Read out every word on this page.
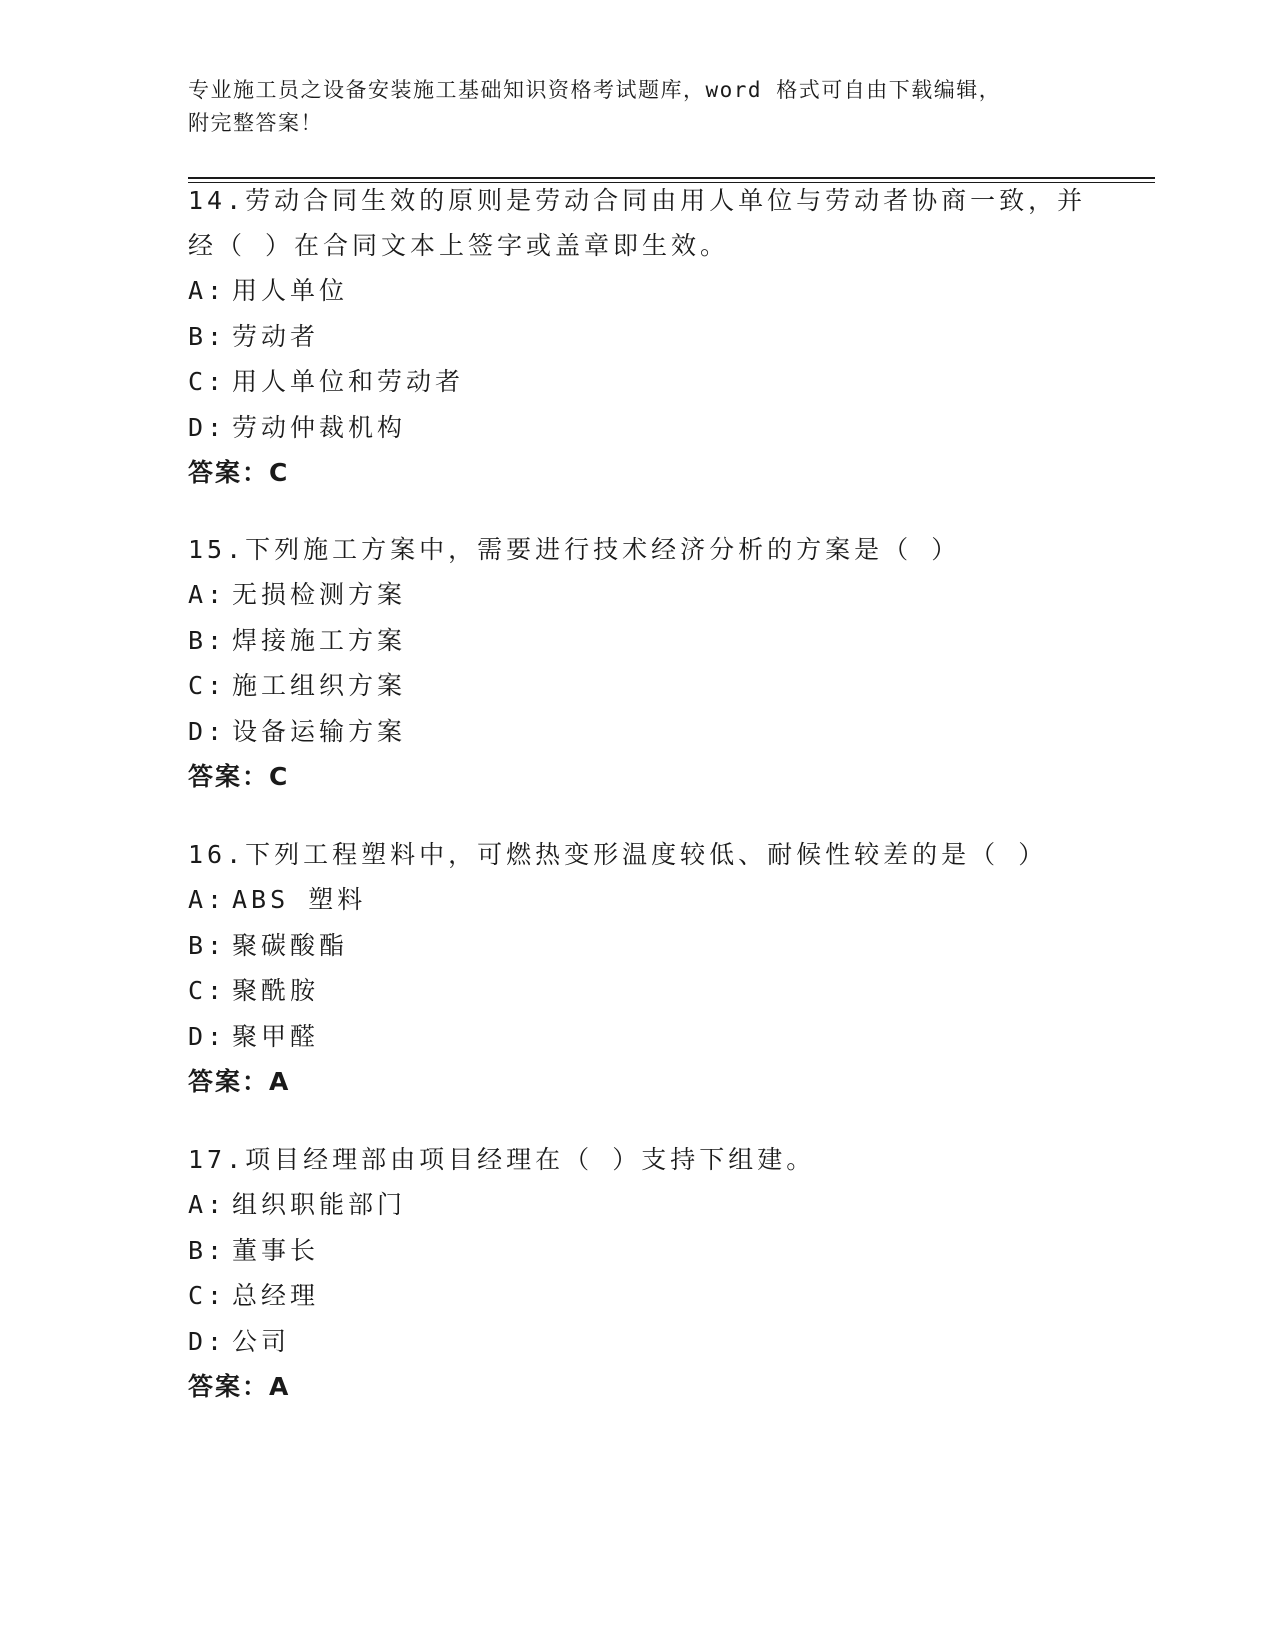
专业施工员之设备安装施工基础知识资格考试题库，word 格式可自由下载编辑，
附完整答案！
14.劳动合同生效的原则是劳动合同由用人单位与劳动者协商一致，并
经（ ）在合同文本上签字或盖章即生效。
A: 用人单位
B: 劳动者
C: 用人单位和劳动者
D: 劳动仲裁机构
答案：C
15.下列施工方案中，需要进行技术经济分析的方案是（ ）
A: 无损检测方案
B: 焊接施工方案
C: 施工组织方案
D: 设备运输方案
答案：C
16.下列工程塑料中，可燃热变形温度较低、耐候性较差的是（ ）
A: ABS 塑料
B: 聚碳酸酯
C: 聚酰胺
D: 聚甲醛
答案：A
17.项目经理部由项目经理在（ ）支持下组建。
A: 组织职能部门
B: 董事长
C: 总经理
D: 公司
答案：A
